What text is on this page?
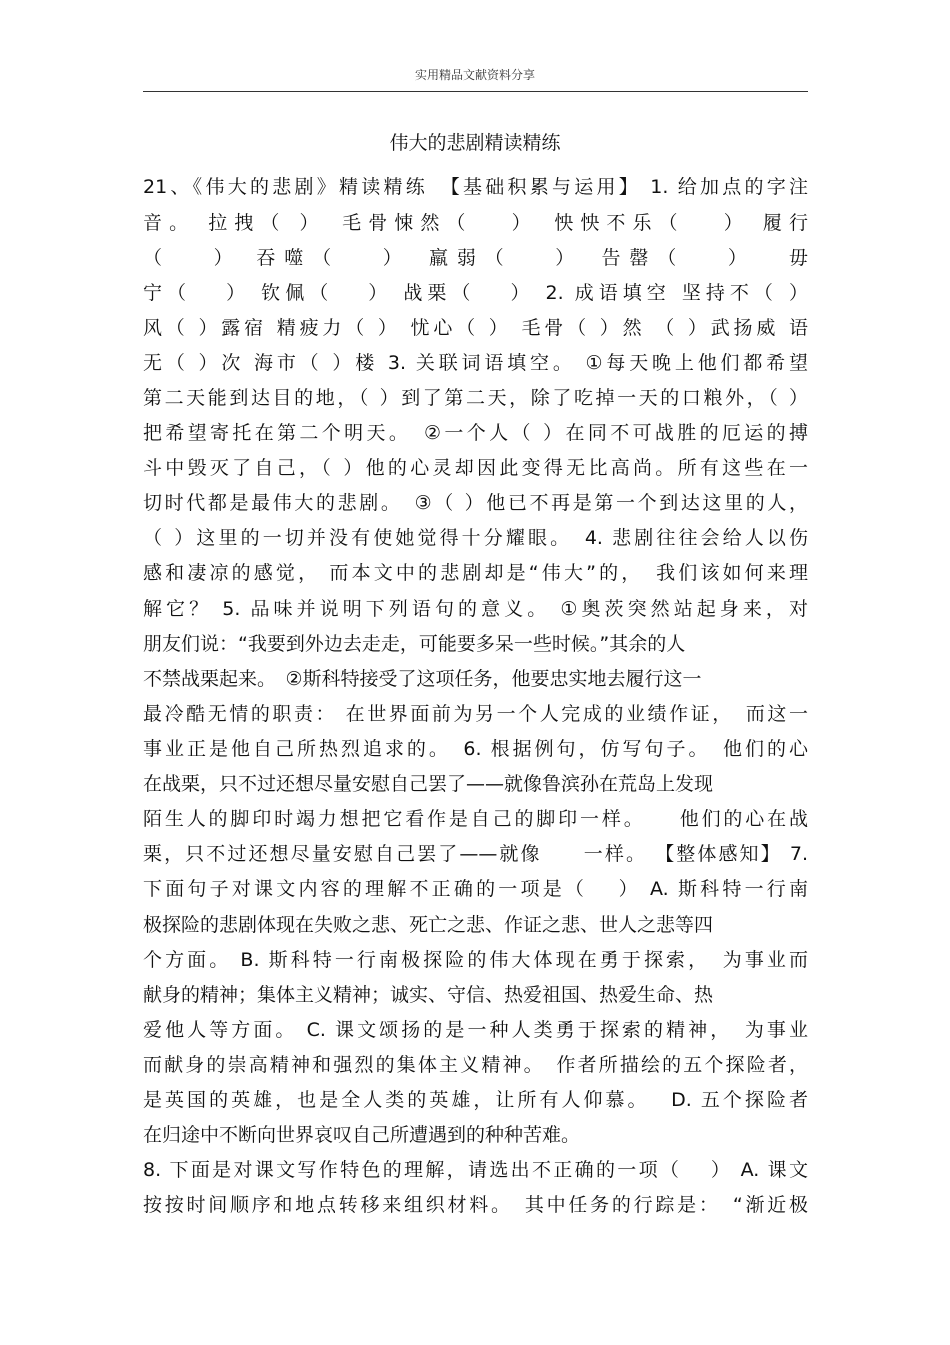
实用精品文献资料分享
伟大的悲剧精读精练
21、《伟大的悲剧》精读精练　【基础积累与运用】 1. 给加点的字注
音。 拉拽（ ）　毛骨悚然（　 ）　怏怏不乐（　 ） 履行
（　 ） 吞噬（　 ）　羸弱（　 ）　告罄（　 ）　 毋
宁（　 ） 钦佩（　 ） 战栗（　 ） 2. 成语填空 坚持不（ ）
风（ ）露宿 精疲力（ ） 忧心（ ） 毛骨（ ）然 （ ）武扬威 语
无（ ）次 海市（ ）楼 3. 关联词语填空。 ①每天晚上他们都希望
第二天能到达目的地，（ ）到了第二天，除了吃掉一天的口粮外，（ ）
把希望寄托在第二个明天。　②一个人（ ）在同不可战胜的厄运的搏
斗中毁灭了自己，（ ）他的心灵却因此变得无比高尚。所有这些在一
切时代都是最伟大的悲剧。　③（ ）他已不再是第一个到达这里的人，
（ ）这里的一切并没有使她觉得十分耀眼。　4. 悲剧往往会给人以伤
感和凄凉的感觉， 而本文中的悲剧却是“伟大”的，　我们该如何来理
解它？ 5. 品味并说明下列语句的意义。 ①奥茨突然站起身来，对
朋友们说：“我要到外边去走走，可能要多呆一些时候。”其余的人
不禁战栗起来。　②斯科特接受了这项任务，他要忠实地去履行这一
最冷酷无情的职责： 在世界面前为另一个人完成的业绩作证，　而这一
事业正是他自己所热烈追求的。　6. 根据例句，仿写句子。　他们的心
在战栗，只不过还想尽量安慰自己罢了——就像鲁滨孙在荒岛上发现
陌生人的脚印时竭力想把它看作是自己的脚印一样。　　他们的心在战
栗，只不过还想尽量安慰自己罢了——就像　　一样。 【整体感知】 7.
下面句子对课文内容的理解不正确的一项是（　 ） A. 斯科特一行南
极探险的悲剧体现在失败之悲、死亡之悲、作证之悲、世人之悲等四
个方面。 B. 斯科特一行南极探险的伟大体现在勇于探索，　为事业而
献身的精神；集体主义精神；诚实、守信、热爱祖国、热爱生命、热
爱他人等方面。 C. 课文颂扬的是一种人类勇于探索的精神，　为事业
而献身的崇高精神和强烈的集体主义精神。　作者所描绘的五个探险者，
是英国的英雄，也是全人类的英雄，让所有人仰慕。　 D. 五个探险者
在归途中不断向世界哀叹自己所遭遇到的种种苦难。
8. 下面是对课文写作特色的理解，请选出不正确的一项（　 ） A. 课文
按按时间顺序和地点转移来组织材料。　其中任务的行踪是：　“渐近极
